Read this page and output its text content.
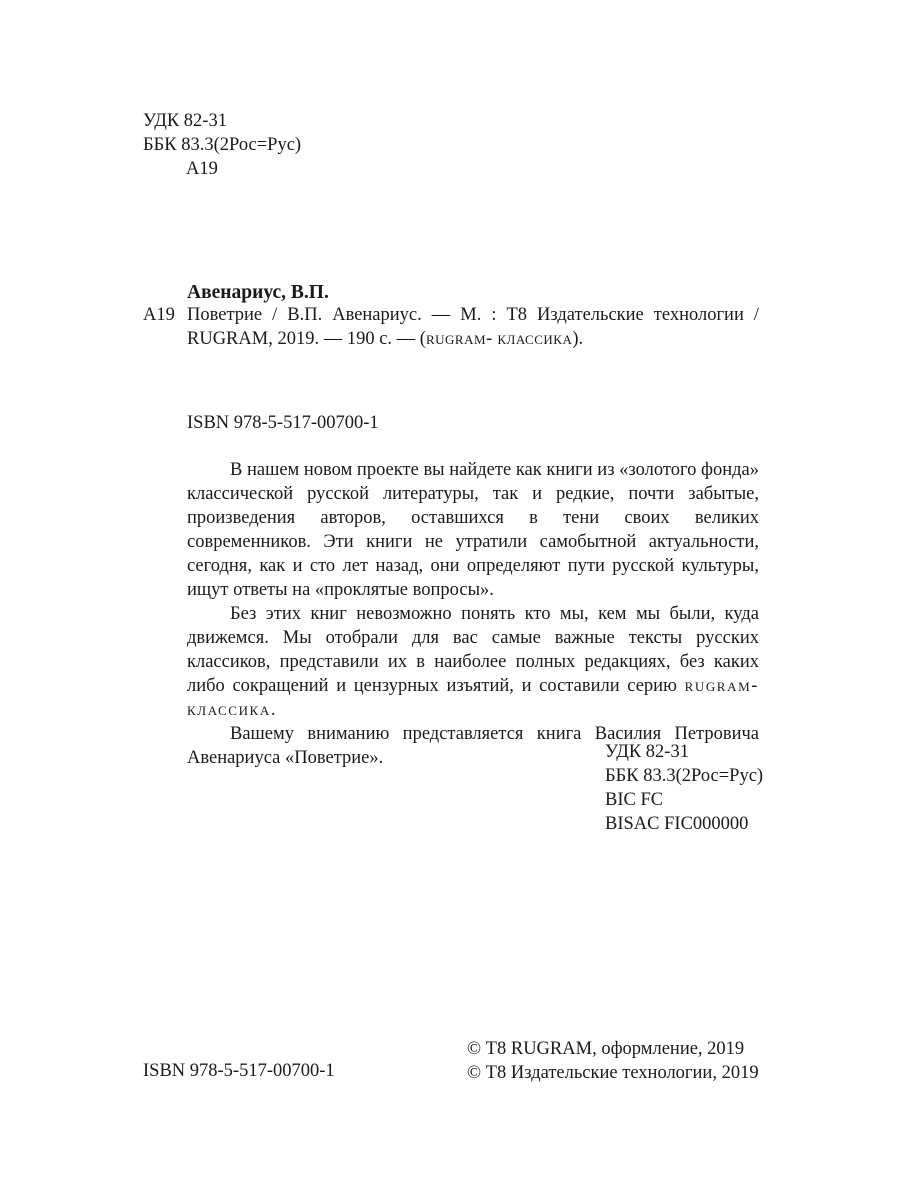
УДК 82-31
ББК 83.3(2Рос=Рус)
А19
Авенариус, В.П.
А19 Поветрие / В.П. Авенариус. — М. : Т8 Издательские технологии / RUGRAM, 2019. — 190 с. — (rugram- классика).

ISBN 978-5-517-00700-1

В нашем новом проекте вы найдете как книги из «золотого фонда» классической русской литературы, так и редкие, почти забытые, произведения авторов, оставшихся в тени своих великих современников. Эти книги не утратили самобытной актуальности, сегодня, как и сто лет назад, они определяют пути русской культуры, ищут ответы на «проклятые вопросы».

Без этих книг невозможно понять кто мы, кем мы были, куда движемся. Мы отобрали для вас самые важные тексты русских классиков, представили их в наиболее полных редакциях, без каких либо сокращений и цензурных изъятий, и составили серию rugram-классика.

Вашему вниманию представляется книга Василия Петровича Авенариуса «Поветрие».	УДК 82-31
ББК 83.3(2Рос=Рус)
BIC FC
BISAC FIC000000
ISBN 978-5-517-00700-1
© Т8 RUGRAM, оформление, 2019
© Т8 Издательские технологии, 2019
